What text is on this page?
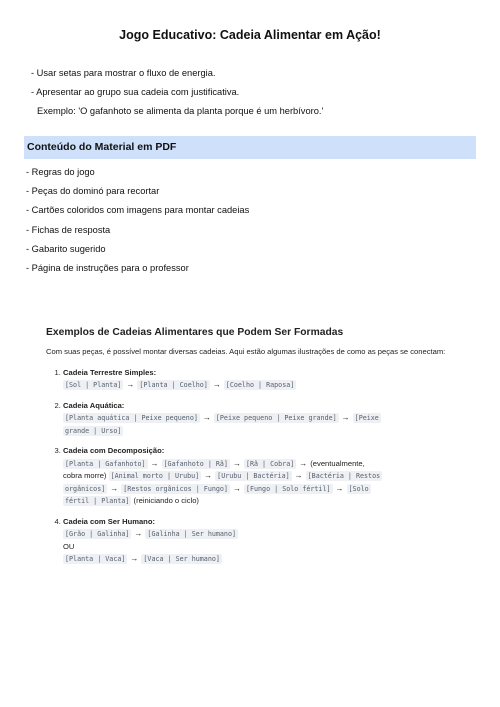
Jogo Educativo: Cadeia Alimentar em Ação!
- Usar setas para mostrar o fluxo de energia.
- Apresentar ao grupo sua cadeia com justificativa.
Exemplo: 'O gafanhoto se alimenta da planta porque é um herbívoro.'
Conteúdo do Material em PDF
- Regras do jogo
- Peças do dominó para recortar
- Cartões coloridos com imagens para montar cadeias
- Fichas de resposta
- Gabarito sugerido
- Página de instruções para o professor
Exemplos de Cadeias Alimentares que Podem Ser Formadas
Com suas peças, é possível montar diversas cadeias. Aqui estão algumas ilustrações de como as peças se conectam:
1. Cadeia Terrestre Simples:
[Sol | Planta] → [Planta | Coelho] → [Coelho | Raposa]
2. Cadeia Aquática:
[Planta aquática | Peixe pequeno] → [Peixe pequeno | Peixe grande] → [Peixe
grande | Urso]
3. Cadeia com Decomposição:
[Planta | Gafanhoto] → [Gafanhoto | Rã] → [Rã | Cobra] → (eventualmente,
cobra morre) [Animal morto | Urubu] → [Urubu | Bactéria] → [Bactéria | Restos
orgânicos] → [Restos orgânicos | Fungo] → [Fungo | Solo fértil] → [Solo
fértil | Planta] (reiniciando o ciclo)
4. Cadeia com Ser Humano:
[Grão | Galinha] → [Galinha | Ser humano]
OU
[Planta | Vaca] → [Vaca | Ser humano]
